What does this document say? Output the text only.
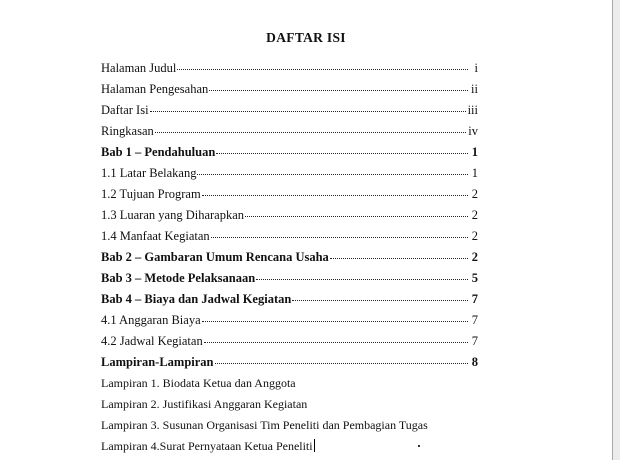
DAFTAR ISI
Halaman Judul	i
Halaman Pengesahan	ii
Daftar Isi	iii
Ringkasan	iv
Bab 1 – Pendahuluan	1
1.1 Latar Belakang	1
1.2 Tujuan Program	2
1.3 Luaran yang Diharapkan	2
1.4 Manfaat Kegiatan	2
Bab 2 – Gambaran Umum Rencana Usaha	2
Bab 3 – Metode Pelaksanaan	5
Bab 4 – Biaya dan Jadwal Kegiatan	7
4.1 Anggaran Biaya	7
4.2 Jadwal Kegiatan	7
Lampiran-Lampiran	8
Lampiran 1. Biodata Ketua dan Anggota
Lampiran 2. Justifikasi Anggaran Kegiatan
Lampiran 3. Susunan Organisasi Tim Peneliti dan Pembagian Tugas
Lampiran 4.Surat Pernyataan Ketua Peneliti
